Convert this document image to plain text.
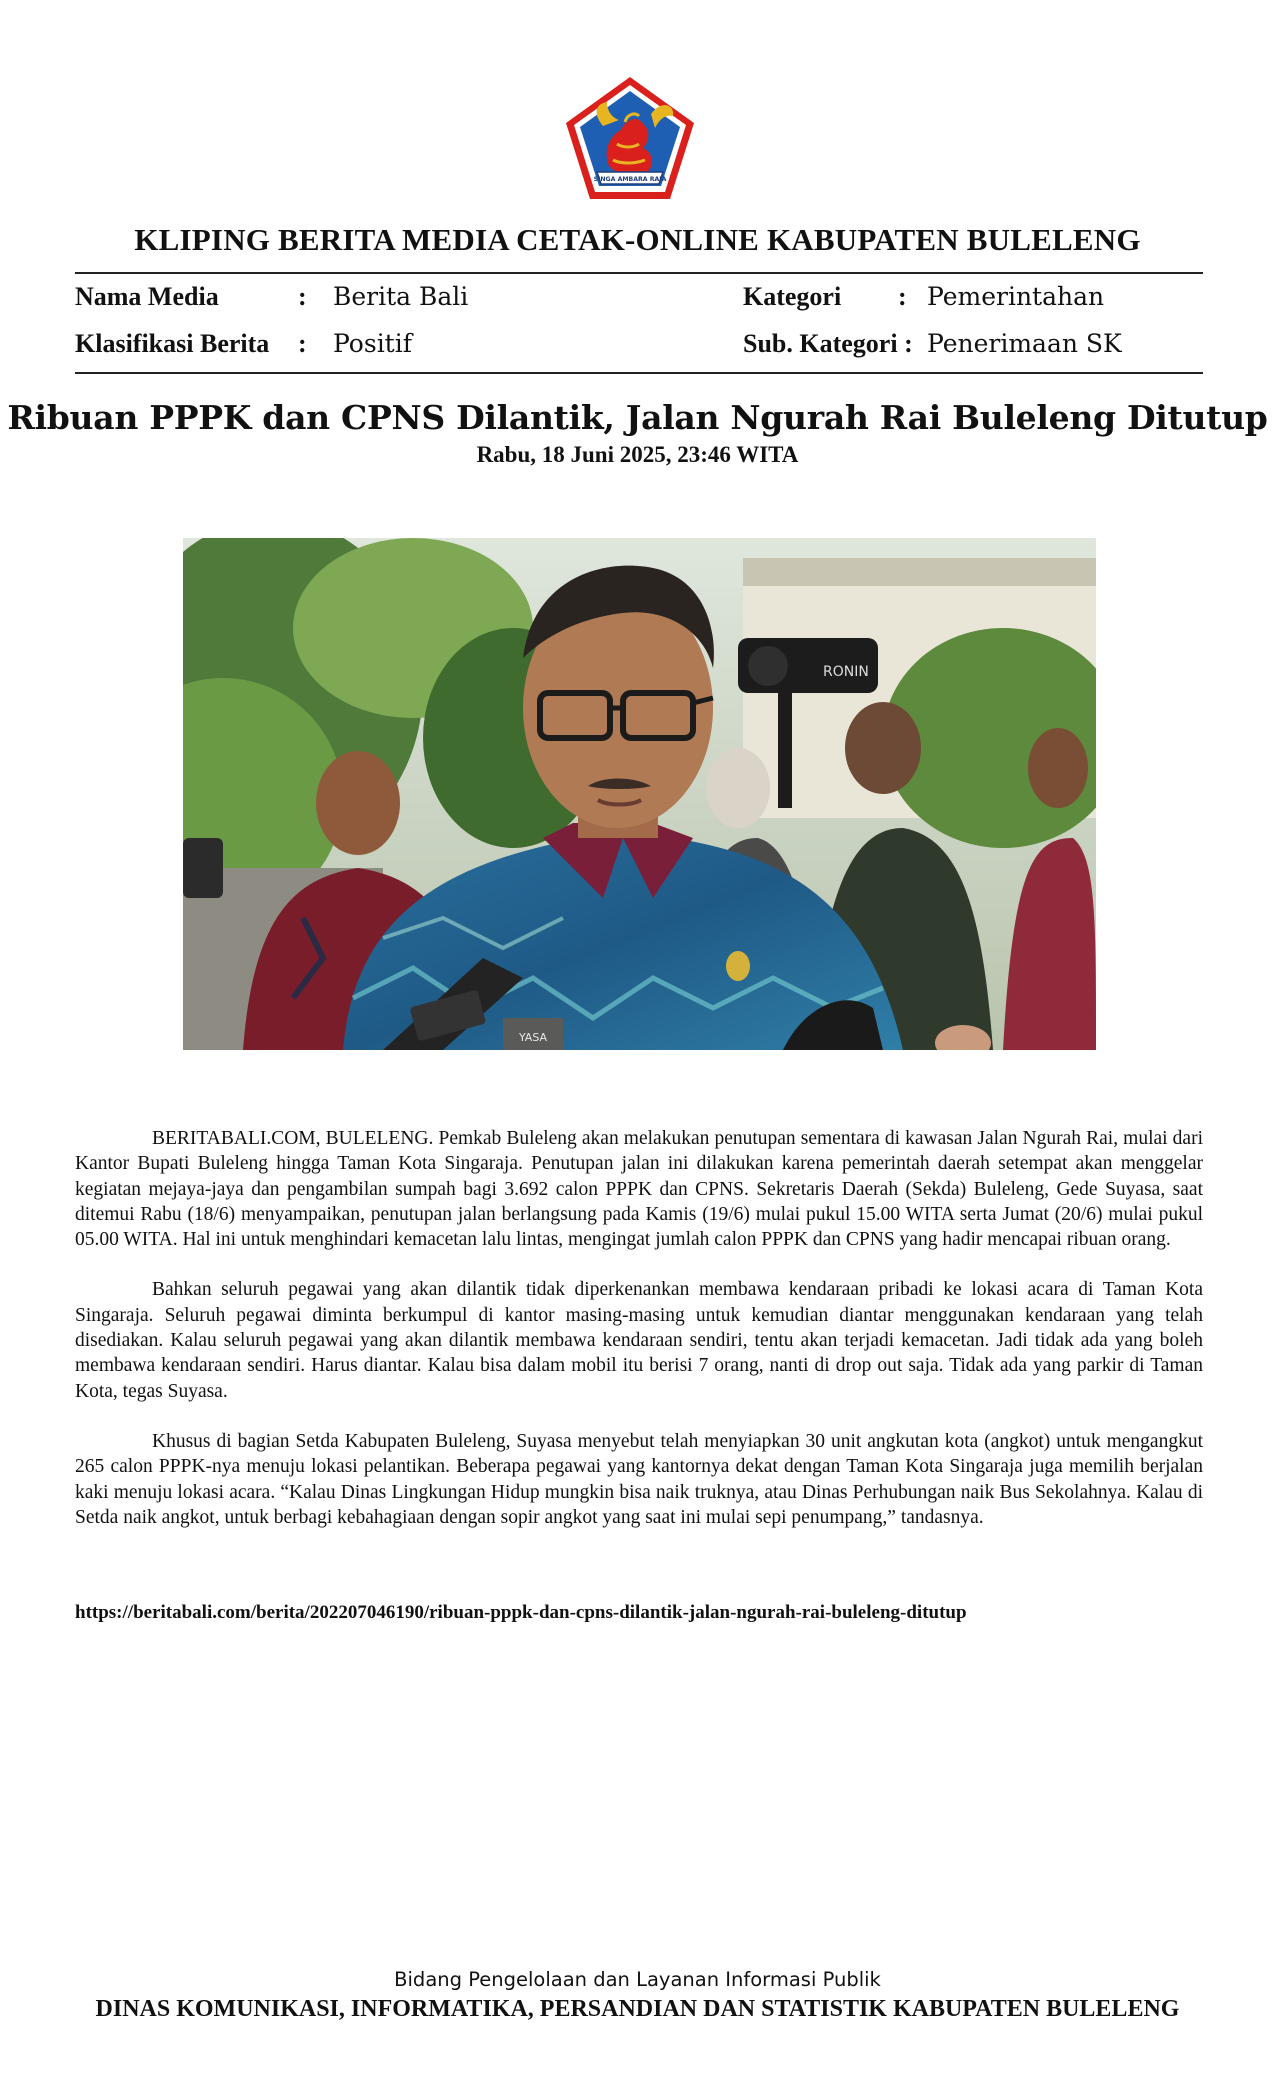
SINGA AMBARA RAJA
KLIPING BERITA MEDIA CETAK-ONLINE KABUPATEN BULELENG
Nama Media	: Berita Bali	Kategori : Pemerintahan
Klasifikasi Berita : Positif	Sub. Kategori : Penerimaan SK
Ribuan PPPK dan CPNS Dilantik, Jalan Ngurah Rai Buleleng Ditutup
Rabu, 18 Juni 2025, 23:46 WITA
RONIN
YASA

BERITABALI.COM, BULELENG. Pemkab Buleleng akan melakukan penutupan sementara di kawasan Jalan Ngurah Rai, mulai dari Kantor Bupati Buleleng hingga Taman Kota Singaraja. Penutupan jalan ini dilakukan karena pemerintah daerah setempat akan menggelar kegiatan mejaya-jaya dan pengambilan sumpah bagi 3.692 calon PPPK dan CPNS. Sekretaris Daerah (Sekda) Buleleng, Gede Suyasa, saat ditemui Rabu (18/6) menyampaikan, penutupan jalan berlangsung pada Kamis (19/6) mulai pukul 15.00 WITA serta Jumat (20/6) mulai pukul 05.00 WITA. Hal ini untuk menghindari kemacetan lalu lintas, mengingat jumlah calon PPPK dan CPNS yang hadir mencapai ribuan orang.

Bahkan seluruh pegawai yang akan dilantik tidak diperkenankan membawa kendaraan pribadi ke lokasi acara di Taman Kota Singaraja. Seluruh pegawai diminta berkumpul di kantor masing-masing untuk kemudian diantar menggunakan kendaraan yang telah disediakan. Kalau seluruh pegawai yang akan dilantik membawa kendaraan sendiri, tentu akan terjadi kemacetan. Jadi tidak ada yang boleh membawa kendaraan sendiri. Harus diantar. Kalau bisa dalam mobil itu berisi 7 orang, nanti di drop out saja. Tidak ada yang parkir di Taman Kota, tegas Suyasa.

Khusus di bagian Setda Kabupaten Buleleng, Suyasa menyebut telah menyiapkan 30 unit angkutan kota (angkot) untuk mengangkut 265 calon PPPK-nya menuju lokasi pelantikan. Beberapa pegawai yang kantornya dekat dengan Taman Kota Singaraja juga memilih berjalan kaki menuju lokasi acara. “Kalau Dinas Lingkungan Hidup mungkin bisa naik truknya, atau Dinas Perhubungan naik Bus Sekolahnya. Kalau di Setda naik angkot, untuk berbagi kebahagiaan dengan sopir angkot yang saat ini mulai sepi penumpang,” tandasnya.

https://beritabali.com/berita/202207046190/ribuan-pppk-dan-cpns-dilantik-jalan-ngurah-rai-buleleng-ditutup
Bidang Pengelolaan dan Layanan Informasi Publik
DINAS KOMUNIKASI, INFORMATIKA, PERSANDIAN DAN STATISTIK KABUPATEN BULELENG
